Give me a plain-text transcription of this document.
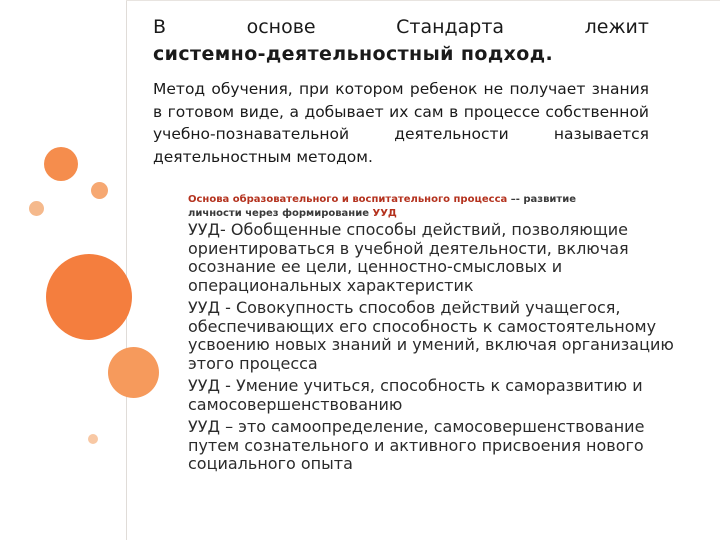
В	основе	Стандарта	лежит
системно-деятельностный подход.
Метод обучения, при котором ребенок не получает знания в готовом виде, а добывает их сам в процессе собственной учебно-познавательной деятельности называется деятельностным методом.
Основа образовательного и воспитательного процесса –- развитие личности через формирование УУД
УУД- Обобщенные способы действий, позволяющие ориентироваться в учебной деятельности, включая осознание ее цели, ценностно-смысловых и операциональных характеристик
УУД - Совокупность способов действий учащегося, обеспечивающих его способность к самостоятельному усвоению новых знаний и умений, включая организацию этого процесса
УУД - Умение учиться, способность к саморазвитию и самосовершенствованию
УУД – это самоопределение, самосовершенствование путем сознательного и активного присвоения нового социального опыта
